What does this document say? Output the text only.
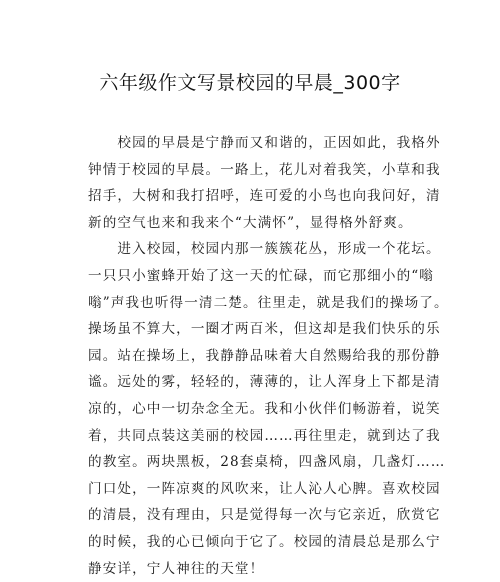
六年级作文写景校园的早晨_300字
　　校园的早晨是宁静而又和谐的，正因如此，我格外
钟情于校园的早晨。一路上，花儿对着我笑，小草和我
招手，大树和我打招呼，连可爱的小鸟也向我问好，清
新的空气也来和我来个“大满怀”，显得格外舒爽。
　　进入校园，校园内那一簇簇花丛，形成一个花坛。
一只只小蜜蜂开始了这一天的忙碌，而它那细小的“嗡
嗡”声我也听得一清二楚。往里走，就是我们的操场了。
操场虽不算大，一圈才两百米，但这却是我们快乐的乐
园。站在操场上，我静静品味着大自然赐给我的那份静
谧。远处的雾，轻轻的，薄薄的，让人浑身上下都是清
凉的，心中一切杂念全无。我和小伙伴们畅游着，说笑
着，共同点装这美丽的校园……再往里走，就到达了我
的教室。两块黑板，28套桌椅，四盏风扇，几盏灯……
门口处，一阵凉爽的风吹来，让人沁人心脾。喜欢校园
的清晨，没有理由，只是觉得每一次与它亲近，欣赏它
的时候，我的心已倾向于它了。校园的清晨总是那么宁
静安详，宁人神往的天堂！
